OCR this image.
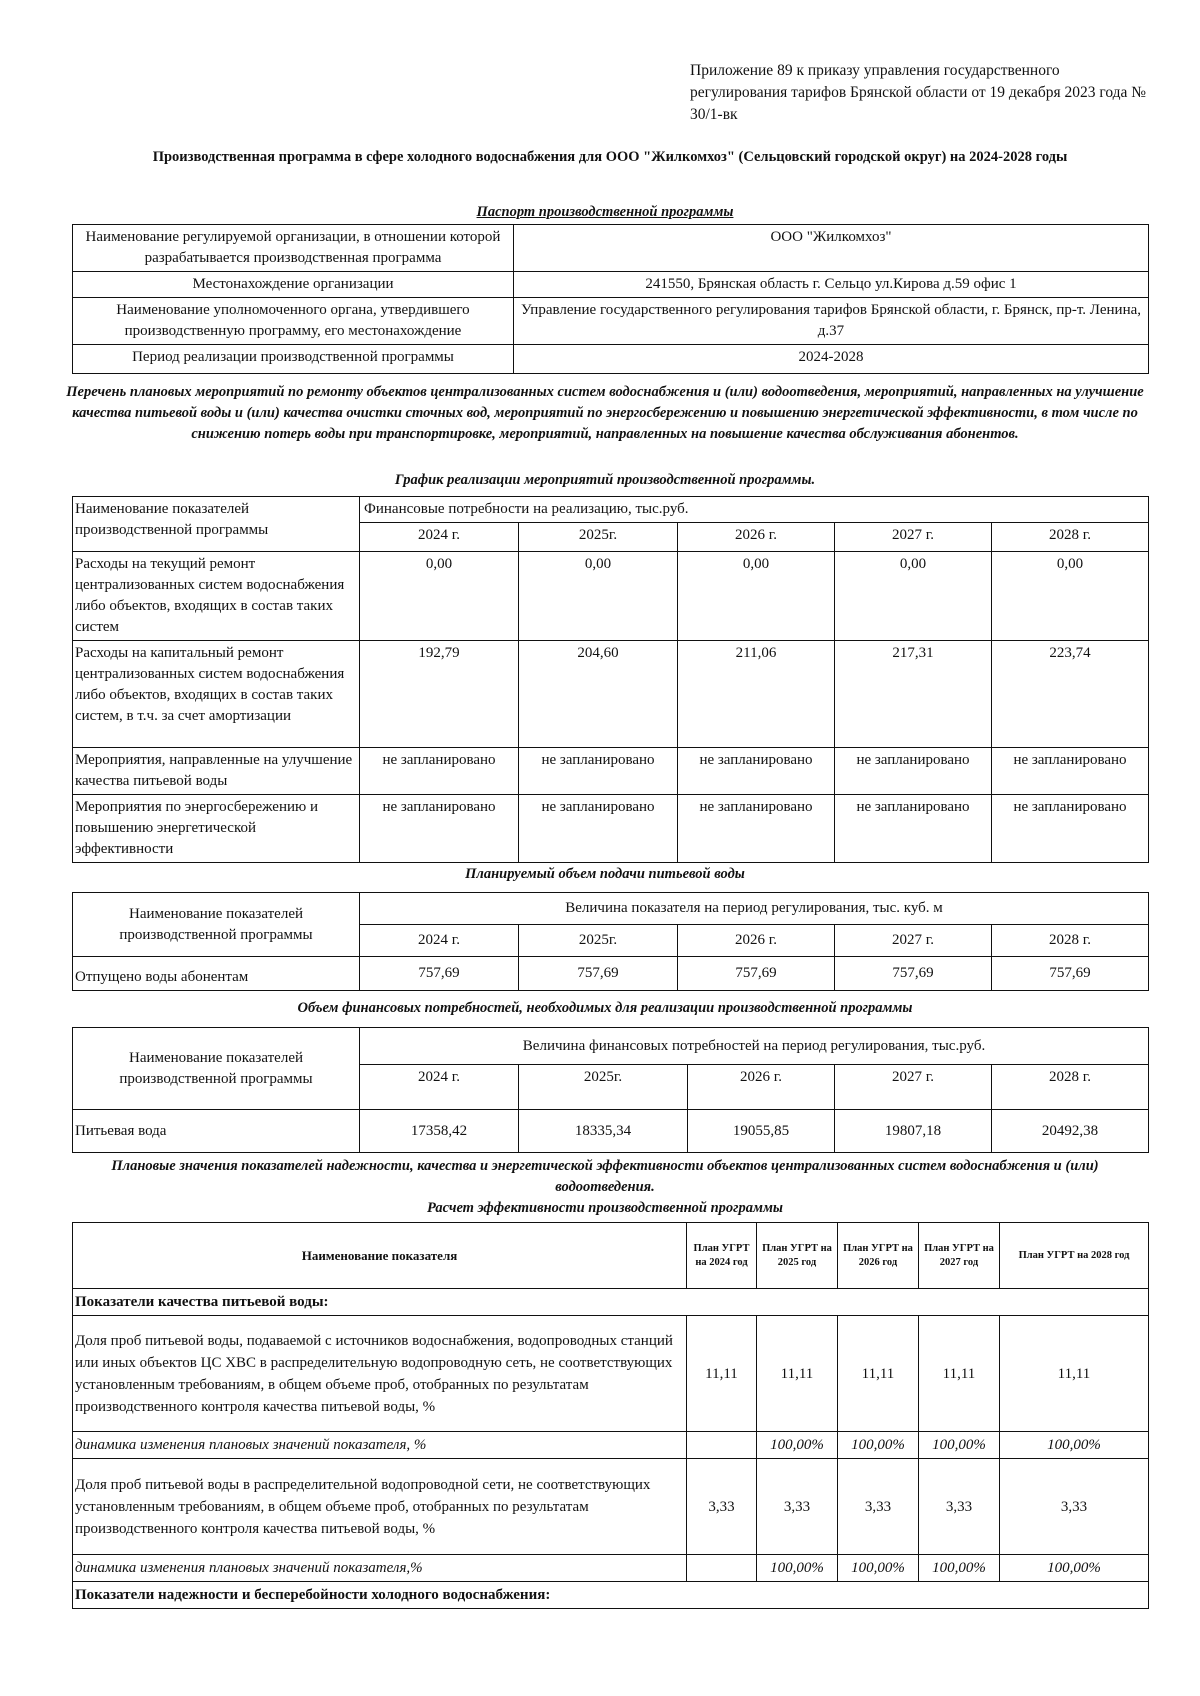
Приложение 89 к приказу управления государственного регулирования тарифов Брянской области от 19 декабря 2023 года № 30/1-вк
Производственная программа в сфере холодного водоснабжения для ООО "Жилкомхоз" (Сельцовский городской округ) на 2024-2028 годы
Паспорт производственной программы
Наименование регулируемой организации, в отношении которой разрабатывается производственная программа	ООО "Жилкомхоз"
Местонахождение организации	241550, Брянская область г. Сельцо ул.Кирова д.59 офис 1
Наименование уполномоченного органа, утвердившего производственную программу, его местонахождение	Управление государственного регулирования тарифов Брянской области, г. Брянск, пр-т. Ленина, д.37
Период реализации производственной программы	2024-2028
Перечень плановых мероприятий по ремонту объектов централизованных систем водоснабжения и (или) водоотведения, мероприятий, направленных на улучшение качества питьевой воды и (или) качества очистки сточных вод, мероприятий по энергосбережению и повышению энергетической эффективности, в том числе по снижению потерь воды при транспортировке, мероприятий, направленных на повышение качества обслуживания абонентов.
График реализации мероприятий производственной программы.
Наименование показателей производственной программы	Финансовые потребности на реализацию, тыс.руб.				
	2024 г.	2025г.	2026 г.	2027 г.	2028 г.
Расходы на текущий ремонт централизованных систем водоснабжения либо объектов, входящих в состав таких систем	0,00	0,00	0,00	0,00	0,00
Расходы на капитальный ремонт централизованных систем водоснабжения либо объектов, входящих в состав таких систем, в т.ч. за счет амортизации	192,79	204,60	211,06	217,31	223,74
Мероприятия, направленные на улучшение качества питьевой воды	не запланировано	не запланировано	не запланировано	не запланировано	не запланировано
Мероприятия по энергосбережению и повышению энергетической эффективности	не запланировано	не запланировано	не запланировано	не запланировано	не запланировано
Планируемый объем подачи питьевой воды
Наименование показателей производственной программы	Величина показателя на период регулирования, тыс. куб. м				
	2024 г.	2025г.	2026 г.	2027 г.	2028 г.
Отпущено воды абонентам	757,69	757,69	757,69	757,69	757,69
Объем финансовых потребностей, необходимых для реализации производственной программы
Наименование показателей производственной программы	Величина финансовых потребностей на период регулирования, тыс.руб.				
	2024 г.	2025г.	2026 г.	2027 г.	2028 г.
Питьевая вода	17358,42	18335,34	19055,85	19807,18	20492,38
Плановые значения показателей надежности, качества и энергетической эффективности объектов централизованных систем водоснабжения и (или) водоотведения.
Расчет эффективности производственной программы
Наименование показателя	План УГРТ на 2024 год	План УГРТ на 2025 год	План УГРТ на 2026 год	План УГРТ на 2027 год	План УГРТ на 2028 год
Показатели качества питьевой воды:					
Доля проб питьевой воды, подаваемой с источников водоснабжения, водопроводных станций или иных объектов ЦС ХВС в распределительную водопроводную сеть, не соответствующих установленным требованиям, в общем объеме проб, отобранных по результатам производственного контроля качества питьевой воды, %	11,11	11,11	11,11	11,11	11,11
динамика изменения плановых значений показателя, %		100,00%	100,00%	100,00%	100,00%
Доля проб питьевой воды в распределительной водопроводной сети, не соответствующих установленным требованиям, в общем объеме проб, отобранных по результатам производственного контроля качества питьевой воды, %	3,33	3,33	3,33	3,33	3,33
динамика изменения плановых значений показателя,%		100,00%	100,00%	100,00%	100,00%
Показатели надежности и бесперебойности холодного водоснабжения:					
